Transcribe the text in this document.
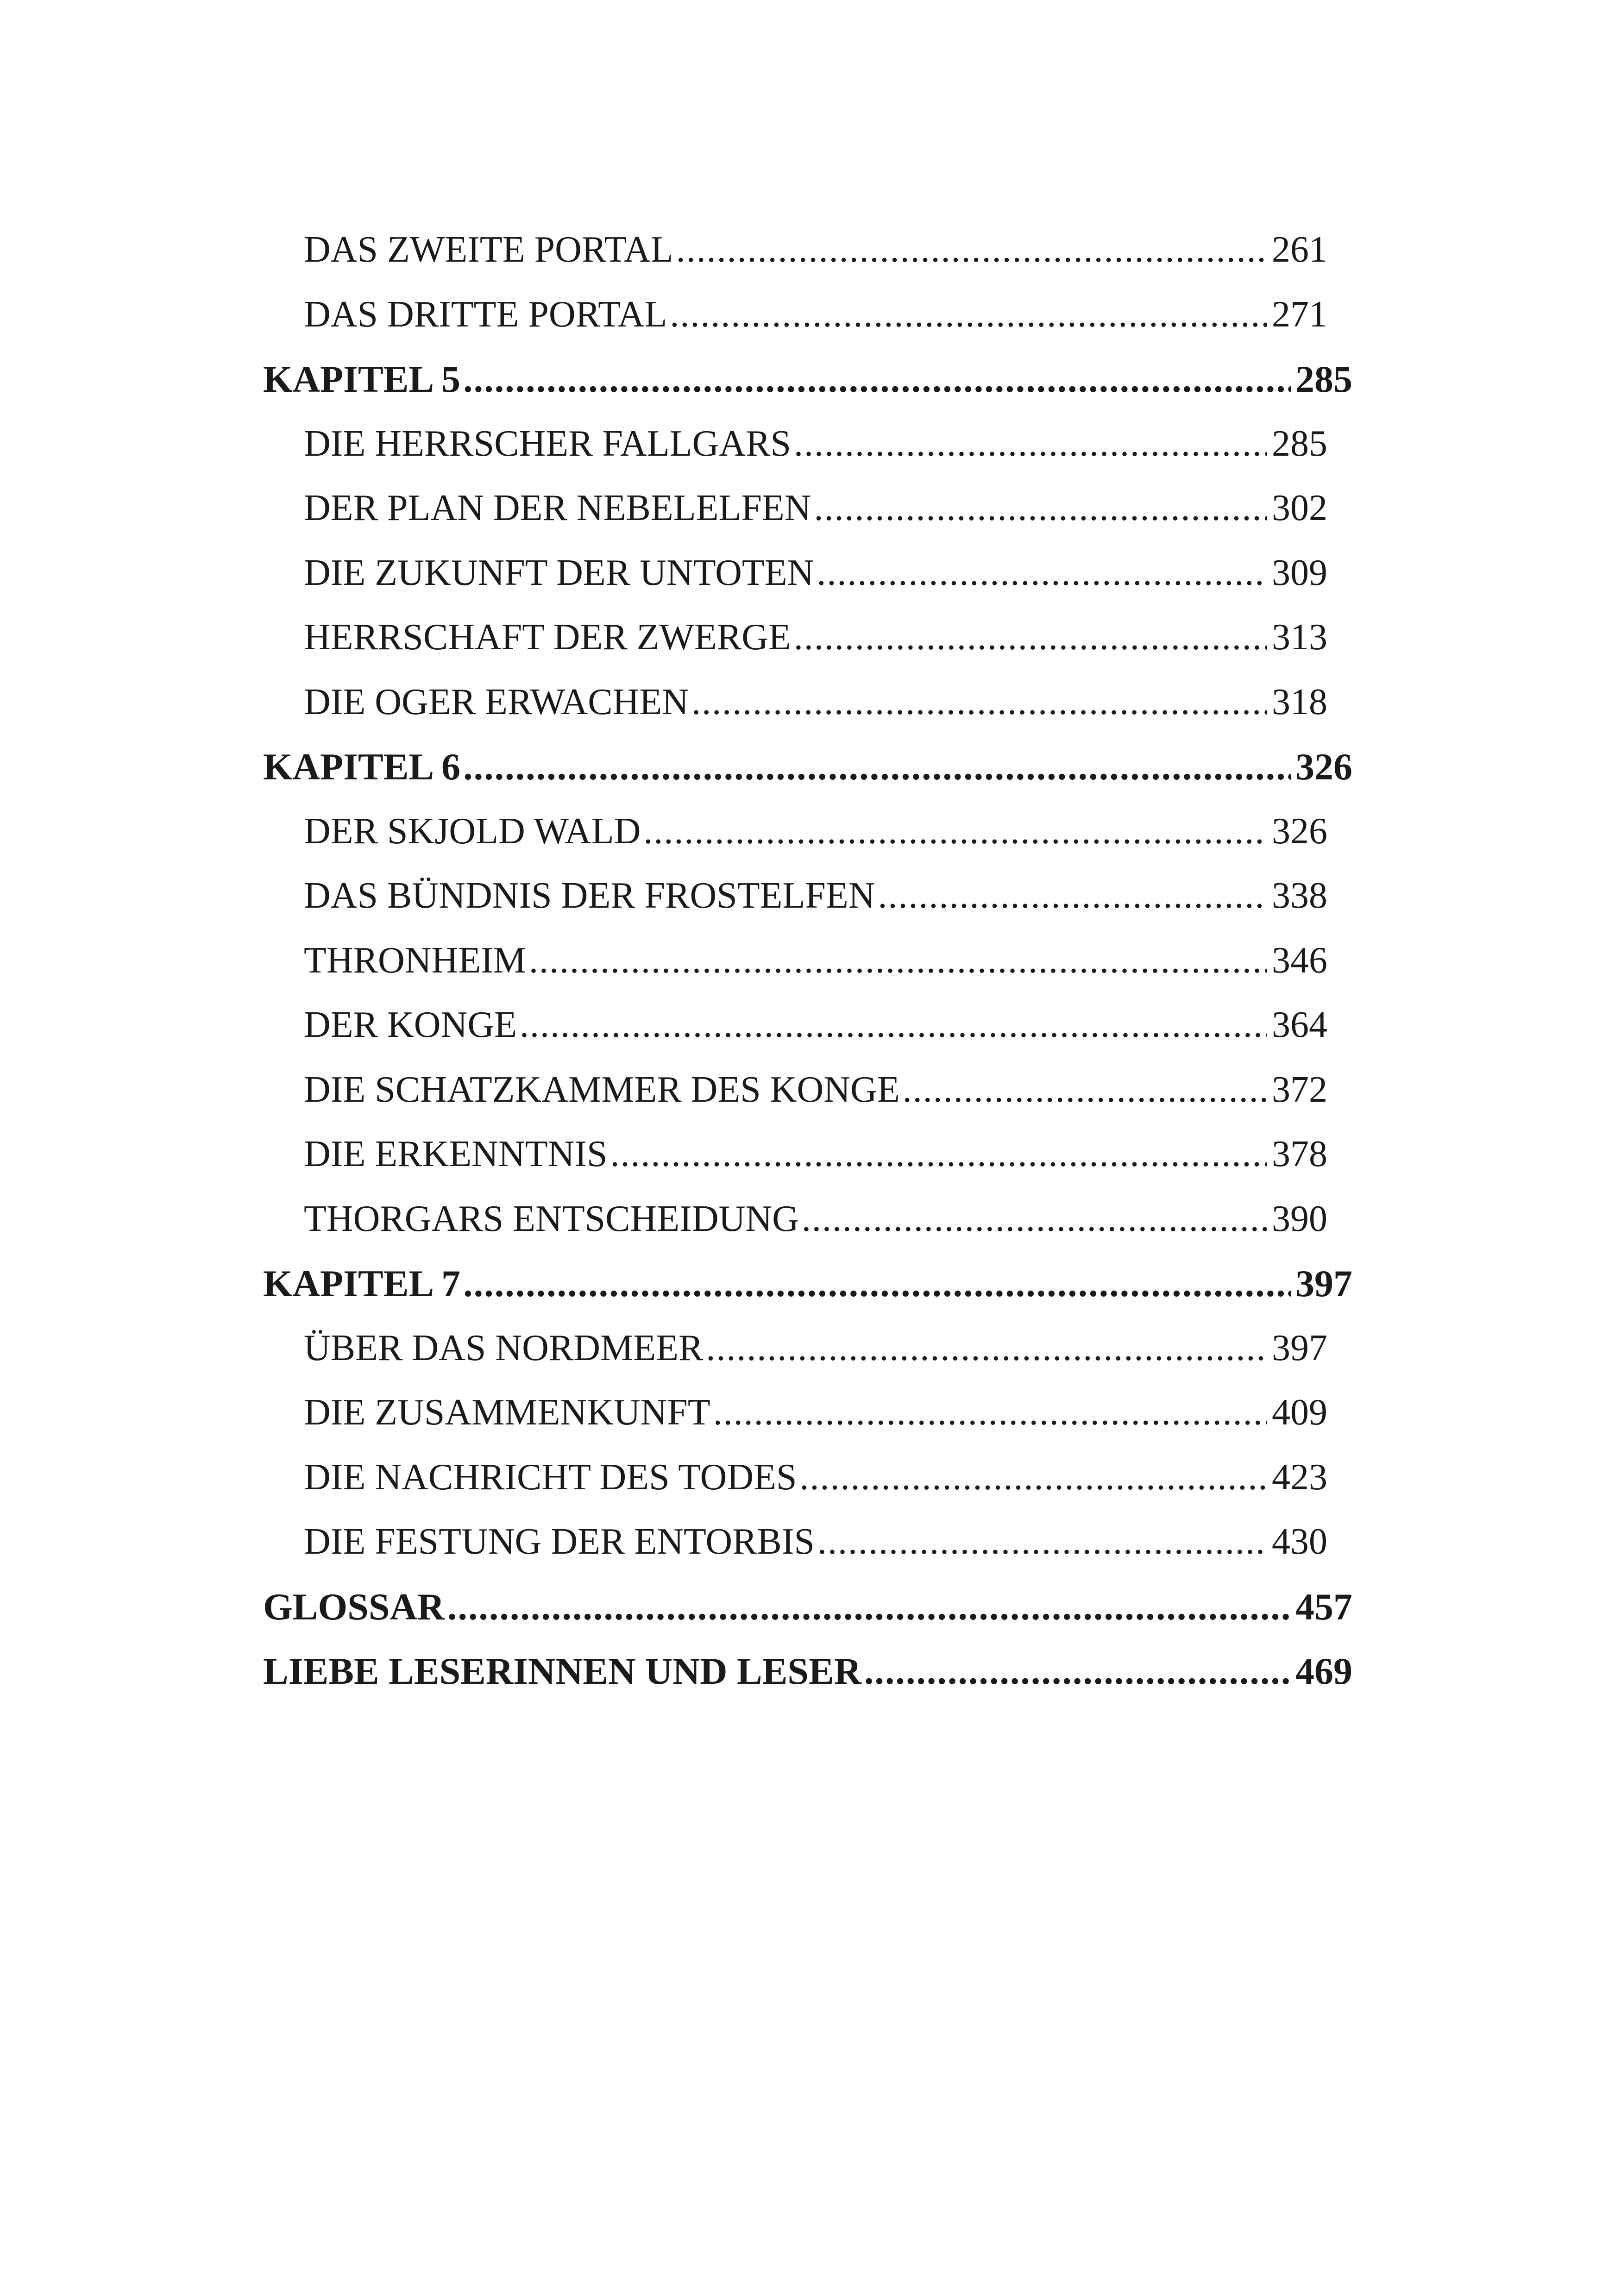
DAS ZWEITE PORTAL .....	261
DAS DRITTE PORTAL .....	271
KAPITEL 5 .....	285
DIE HERRSCHER FALLGARS .....	285
DER PLAN DER NEBELELFEN .....	302
DIE ZUKUNFT DER UNTOTEN .....	309
HERRSCHAFT DER ZWERGE .....	313
DIE OGER ERWACHEN .....	318
KAPITEL 6 .....	326
DER SKJOLD WALD .....	326
DAS BÜNDNIS DER FROSTELFEN .....	338
THRONHEIM .....	346
DER KONGE .....	364
DIE SCHATZKAMMER DES KONGE .....	372
DIE ERKENNTNIS .....	378
THORGARS ENTSCHEIDUNG .....	390
KAPITEL 7 .....	397
ÜBER DAS NORDMEER .....	397
DIE ZUSAMMENKUNFT .....	409
DIE NACHRICHT DES TODES .....	423
DIE FESTUNG DER ENTORBIS .....	430
GLOSSAR .....	457
LIEBE LESERINNEN UND LESER .....	469
